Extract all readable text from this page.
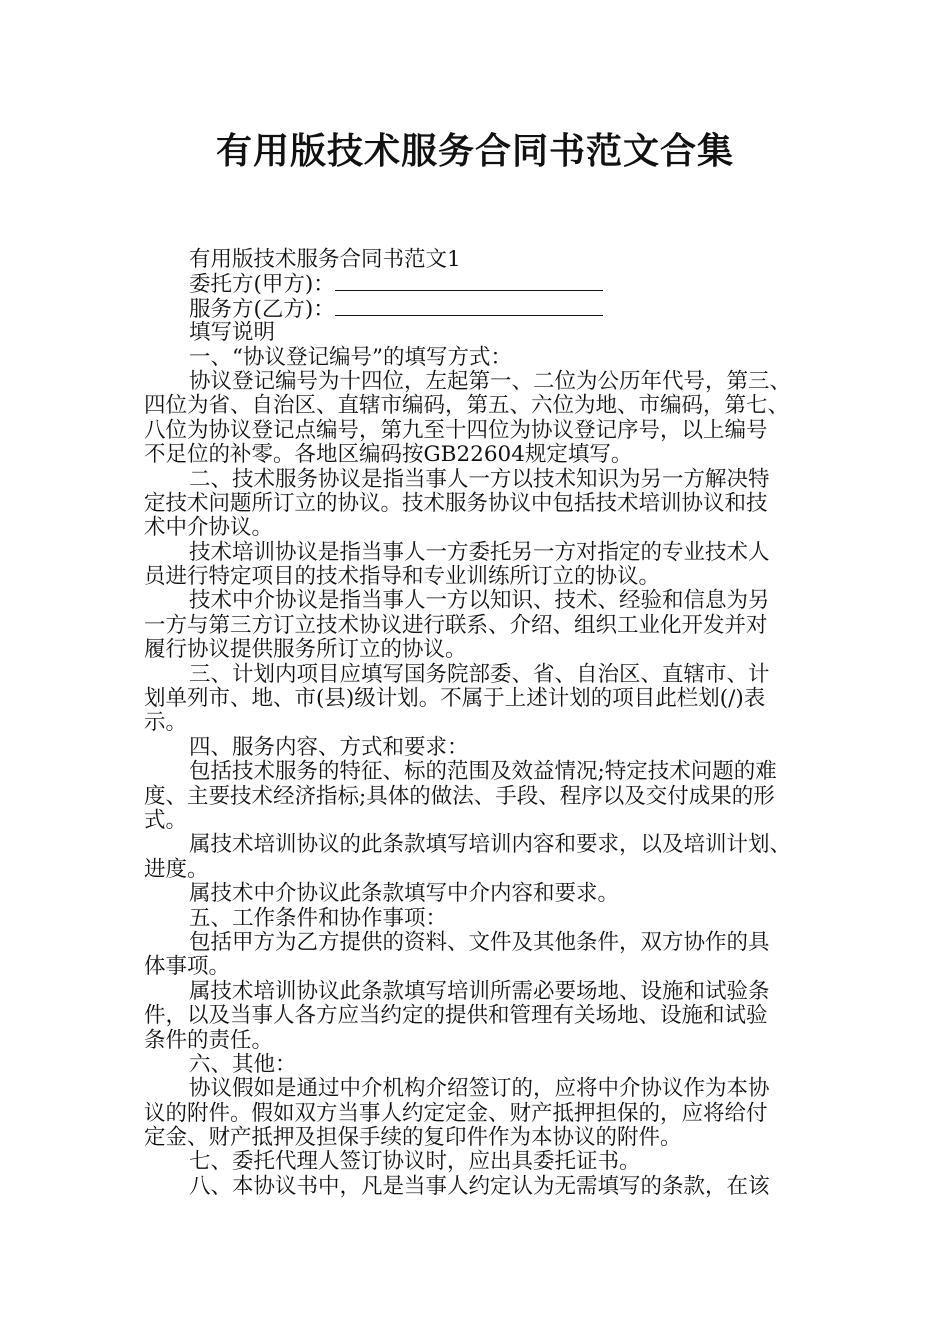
有用版技术服务合同书范文合集
有用版技术服务合同书范文1
委托方(甲方)：
服务方(乙方)：
填写说明
一、“协议登记编号”的填写方式：
协议登记编号为十四位，左起第一、二位为公历年代号，第三、
四位为省、自治区、直辖市编码，第五、六位为地、市编码，第七、
八位为协议登记点编号，第九至十四位为协议登记序号，以上编号
不足位的补零。各地区编码按GB22604规定填写。
二、技术服务协议是指当事人一方以技术知识为另一方解决特
定技术问题所订立的协议。技术服务协议中包括技术培训协议和技
术中介协议。
技术培训协议是指当事人一方委托另一方对指定的专业技术人
员进行特定项目的技术指导和专业训练所订立的协议。
技术中介协议是指当事人一方以知识、技术、经验和信息为另
一方与第三方订立技术协议进行联系、介绍、组织工业化开发并对
履行协议提供服务所订立的协议。
三、计划内项目应填写国务院部委、省、自治区、直辖市、计
划单列市、地、市(县)级计划。不属于上述计划的项目此栏划(/)表
示。
四、服务内容、方式和要求：
包括技术服务的特征、标的范围及效益情况;特定技术问题的难
度、主要技术经济指标;具体的做法、手段、程序以及交付成果的形
式。
属技术培训协议的此条款填写培训内容和要求，以及培训计划、
进度。
属技术中介协议此条款填写中介内容和要求。
五、工作条件和协作事项：
包括甲方为乙方提供的资料、文件及其他条件，双方协作的具
体事项。
属技术培训协议此条款填写培训所需必要场地、设施和试验条
件，以及当事人各方应当约定的提供和管理有关场地、设施和试验
条件的责任。
六、其他：
协议假如是通过中介机构介绍签订的，应将中介协议作为本协
议的附件。假如双方当事人约定定金、财产抵押担保的，应将给付
定金、财产抵押及担保手续的复印件作为本协议的附件。
七、委托代理人签订协议时，应出具委托证书。
八、本协议书中，凡是当事人约定认为无需填写的条款，在该
